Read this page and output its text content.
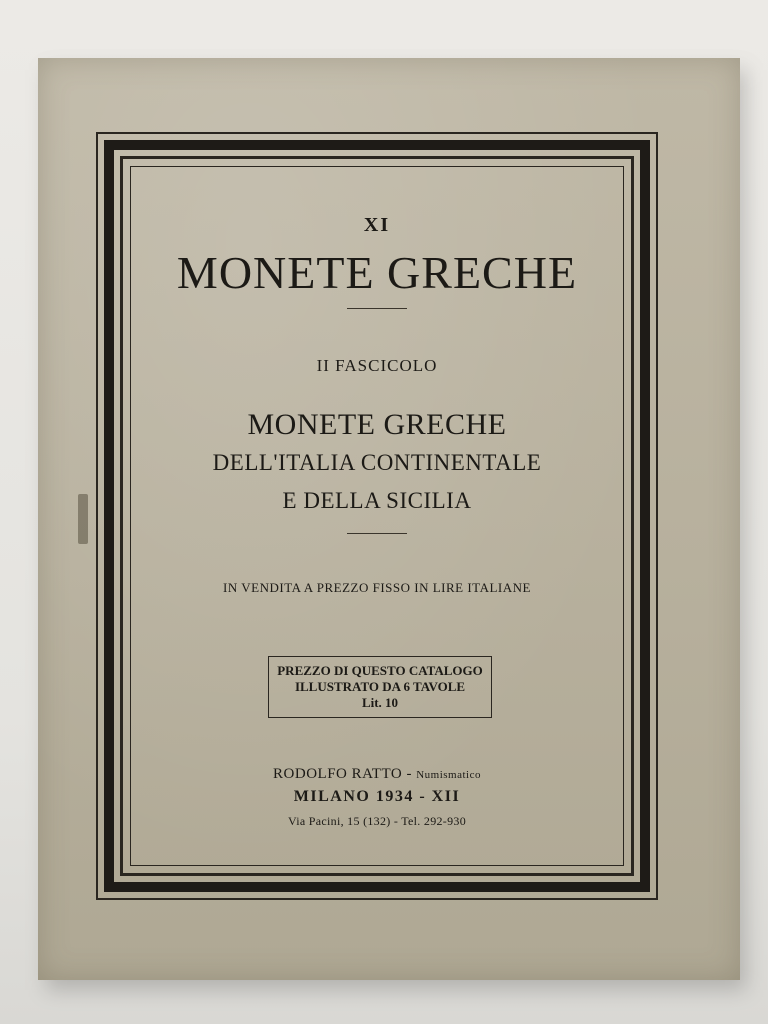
XI
MONETE GRECHE
II FASCICOLO
MONETE GRECHE
DELL'ITALIA CONTINENTALE
E DELLA SICILIA
IN VENDITA A PREZZO FISSO IN LIRE ITALIANE
PREZZO DI QUESTO CATALOGO
ILLUSTRATO DA 6 TAVOLE
Lit. 10
RODOLFO RATTO - Numismatico
MILANO 1934 - XII
Via Pacini, 15 (132) - Tel. 292-930
